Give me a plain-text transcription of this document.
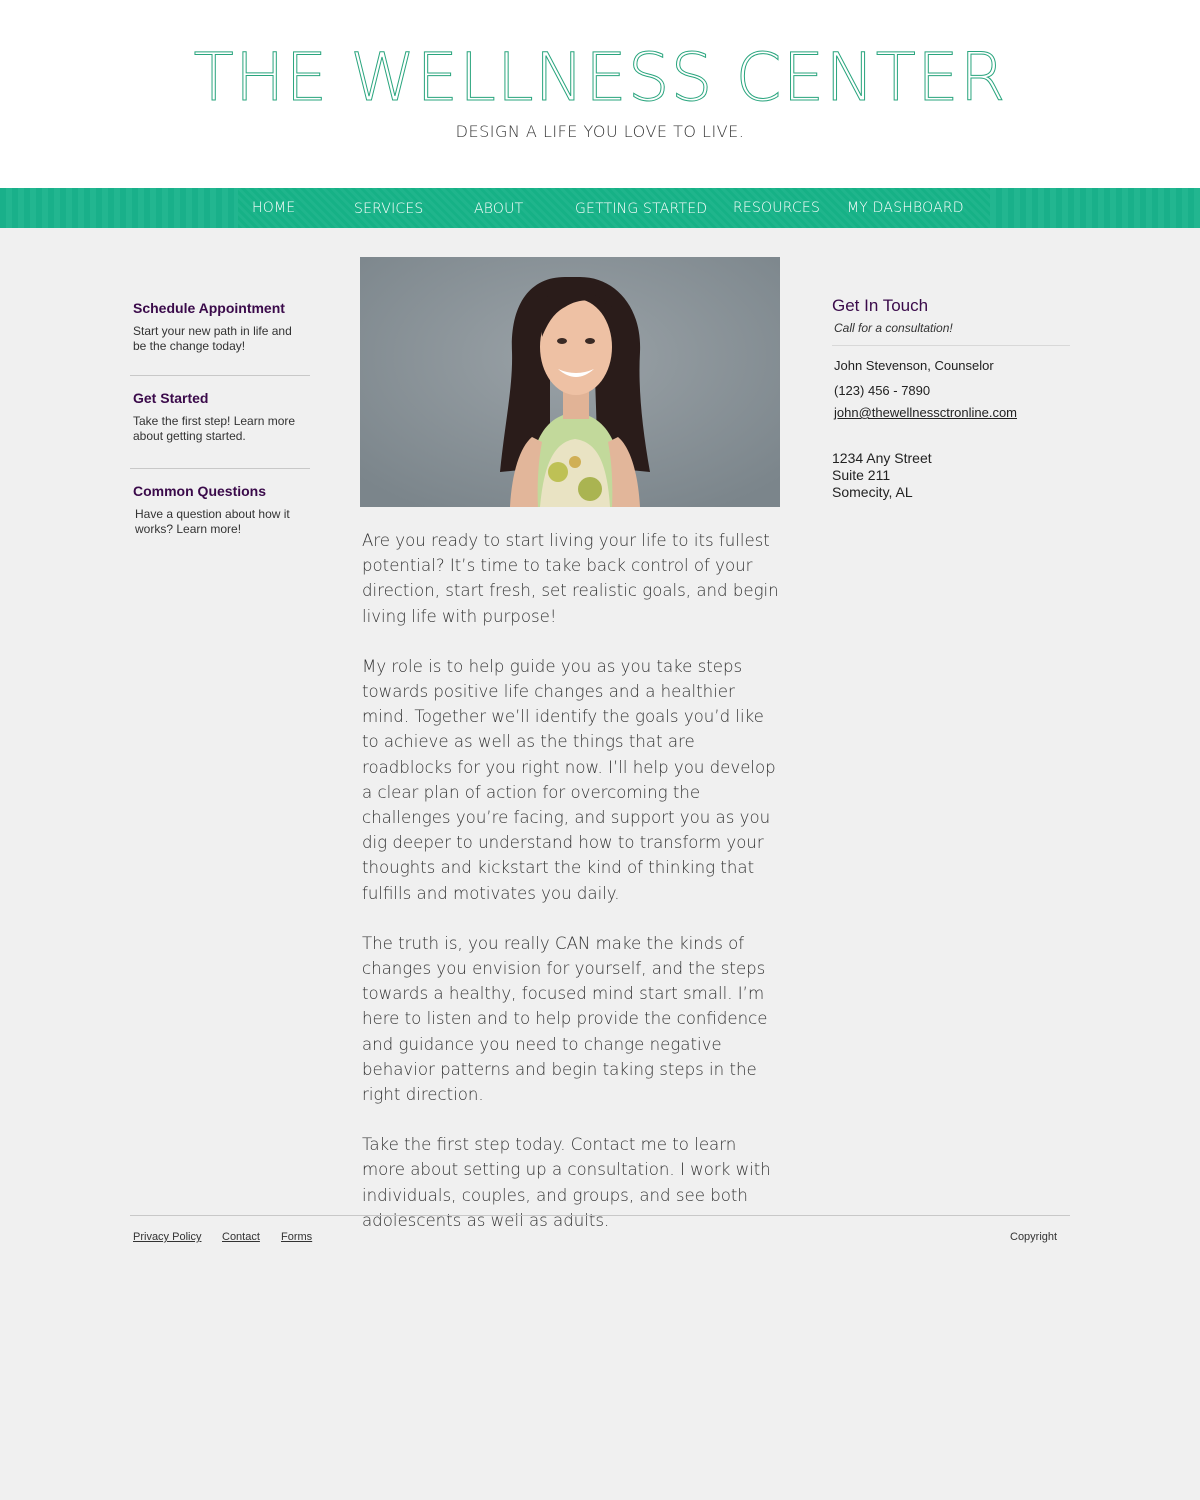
THE WELLNESS CENTER
DESIGN A LIFE YOU LOVE TO LIVE.
HOME	SERVICES	ABOUT	GETTING STARTED RESOURCES MY DASHBOARD
Schedule Appointment
Start your new path in life and be the change today!
Get Started
Take the first step! Learn more about getting started.
Common Questions
Have a question about how it works? Learn more!

Are you ready to start living your life to its fullest potential? It’s time to take back control of your direction, start fresh, set realistic goals, and begin living life with purpose!

My role is to help guide you as you take steps towards positive life changes and a healthier mind. Together we’ll identify the goals you’d like to achieve as well as the things that are roadblocks for you right now. I’ll help you develop a clear plan of action for overcoming the challenges you’re facing, and support you as you dig deeper to understand how to transform your thoughts and kickstart the kind of thinking that fulfills and motivates you daily.

The truth is, you really CAN make the kinds of changes you envision for yourself, and the steps towards a healthy, focused mind start small. I’m here to listen and to help provide the confidence and guidance you need to change negative behavior patterns and begin taking steps in the right direction.

Take the first step today. Contact me to learn more about setting up a consultation. I work with individuals, couples, and groups, and see both adolescents as well as adults.

Get In Touch
Call for a consultation!
John Stevenson, Counselor
(123) 456 - 7890
john@thewellnessctronline.com
1234 Any Street
Suite 211
Somecity, AL
Privacy Policy Contact Forms	Copyright
